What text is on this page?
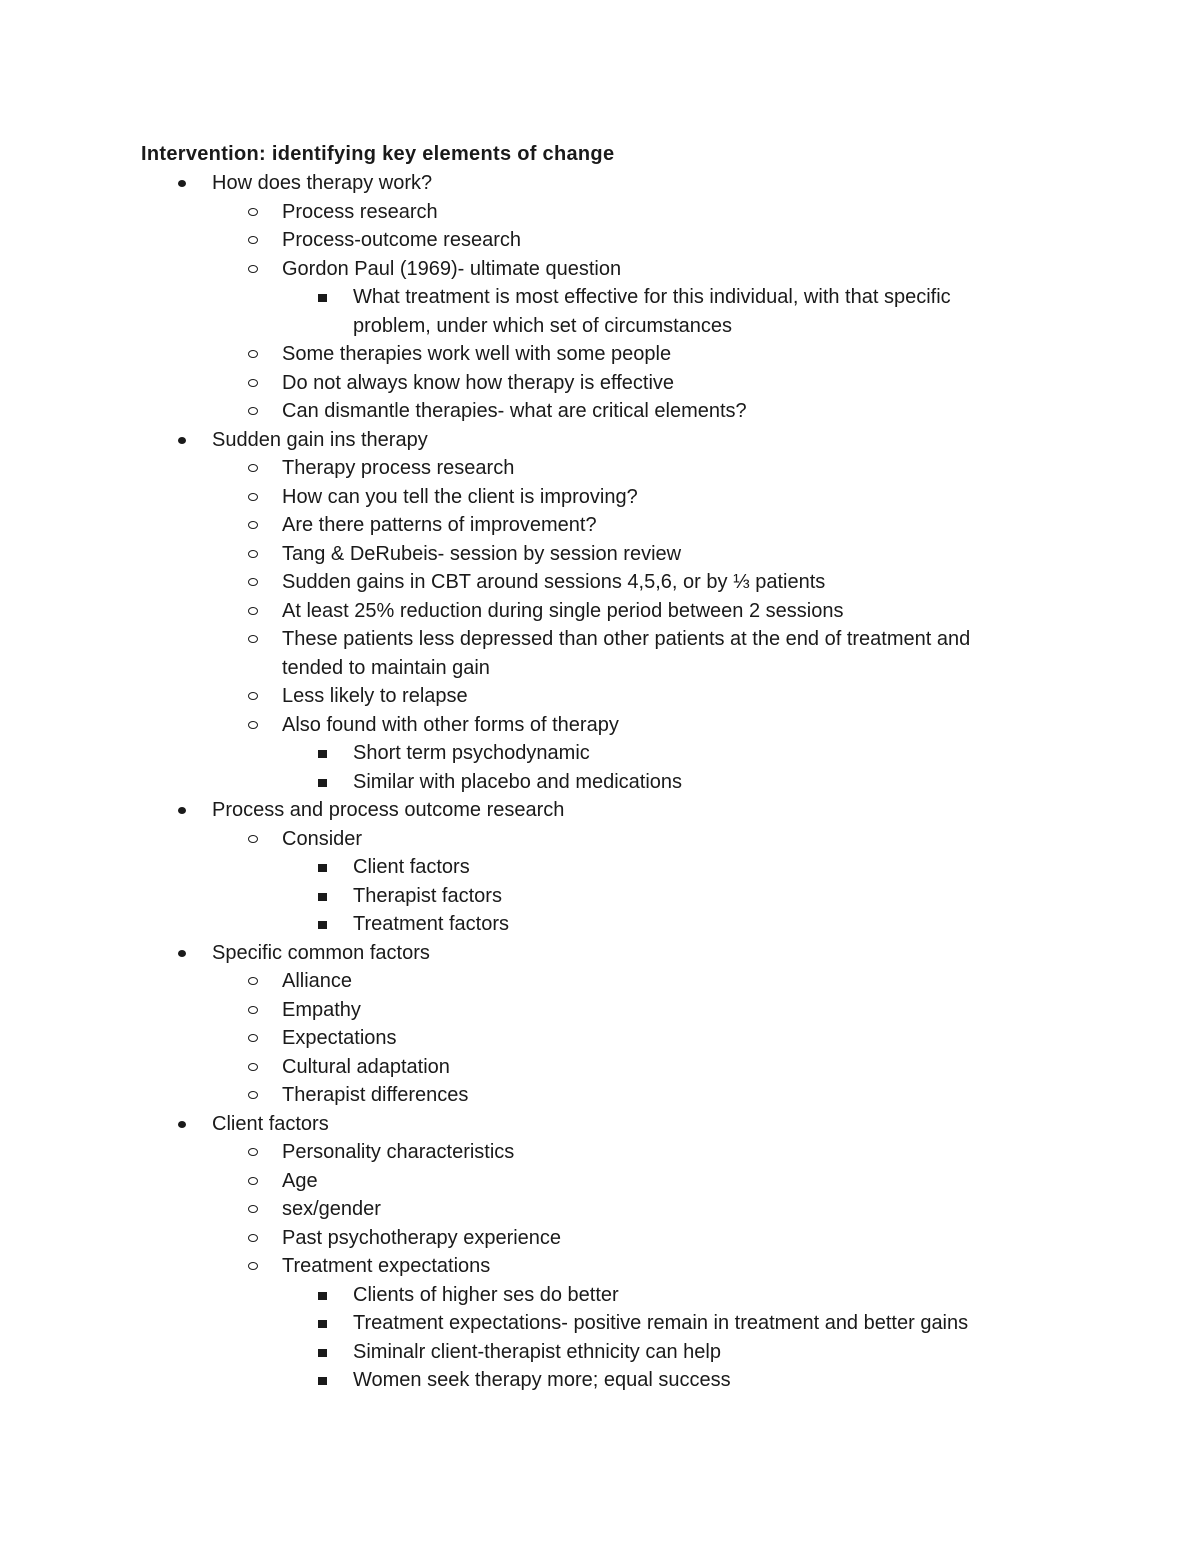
Intervention: identifying key elements of change
How does therapy work?
Process research
Process-outcome research
Gordon Paul (1969)- ultimate question
What treatment is most effective for this individual, with that specific problem, under which set of circumstances
Some therapies work well with some people
Do not always know how therapy is effective
Can dismantle therapies- what are critical elements?
Sudden gain ins therapy
Therapy process research
How can you tell the client is improving?
Are there patterns of improvement?
Tang & DeRubeis- session by session review
Sudden gains in CBT around sessions 4,5,6, or by ⅓ patients
At least 25% reduction during single period between 2 sessions
These patients less depressed than other patients at the end of treatment and tended to maintain gain
Less likely to relapse
Also found with other forms of therapy
Short term psychodynamic
Similar with placebo and medications
Process and process outcome research
Consider
Client factors
Therapist factors
Treatment factors
Specific common factors
Alliance
Empathy
Expectations
Cultural adaptation
Therapist differences
Client factors
Personality characteristics
Age
sex/gender
Past psychotherapy experience
Treatment expectations
Clients of higher ses do better
Treatment expectations- positive remain in treatment and better gains
Siminalr client-therapist ethnicity can help
Women seek therapy more; equal success
